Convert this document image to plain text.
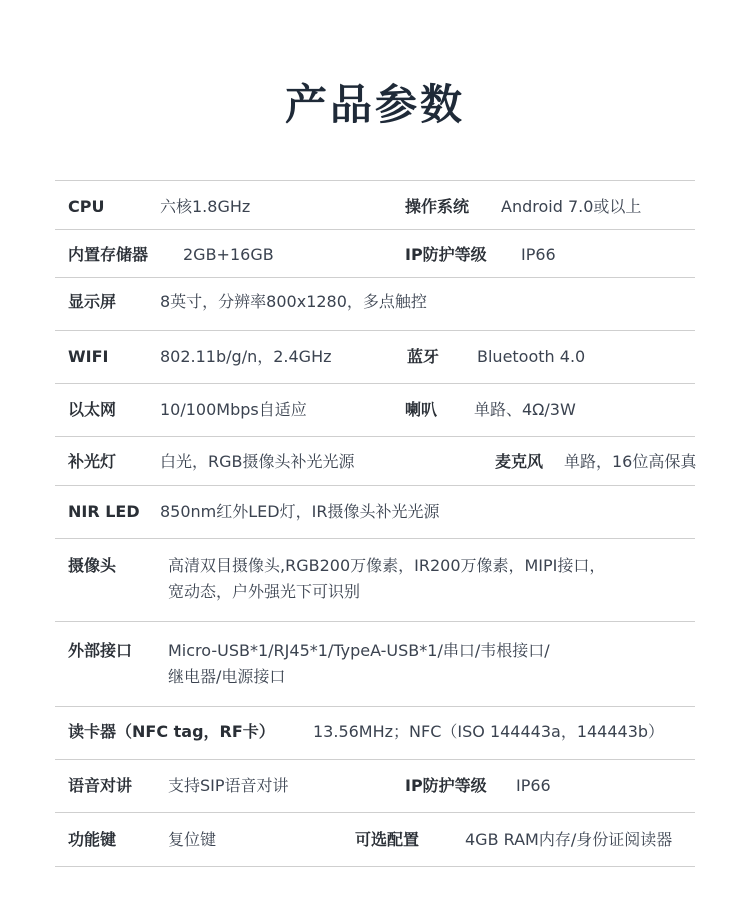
产品参数
CPU	六核1.8GHz	操作系统 Android 7.0或以上
内置存储器 2GB+16GB	IP防护等级 IP66
显示屏	8英寸，分辨率800x1280，多点触控
WIFI	802.11b/g/n，2.4GHz	蓝牙 Bluetooth 4.0
以太网	10/100Mbps自适应	喇叭 单路、4Ω/3W
补光灯	白光，RGB摄像头补光光源	麦克风 单路，16位高保真
NIR LED 850nm红外LED灯，IR摄像头补光光源
摄像头	高清双目摄像头,RGB200万像素，IR200万像素，MIPI接口，
宽动态，户外强光下可识别
外部接口 Micro-USB*1/RJ45*1/TypeA-USB*1/串口/韦根接口/
继电器/电源接口
读卡器（NFC tag，RF卡） 13.56MHz；NFC（ISO 144443a，144443b）
语音对讲 支持SIP语音对讲	IP防护等级 IP66
功能键	复位键	可选配置	4GB RAM内存/身份证阅读器
